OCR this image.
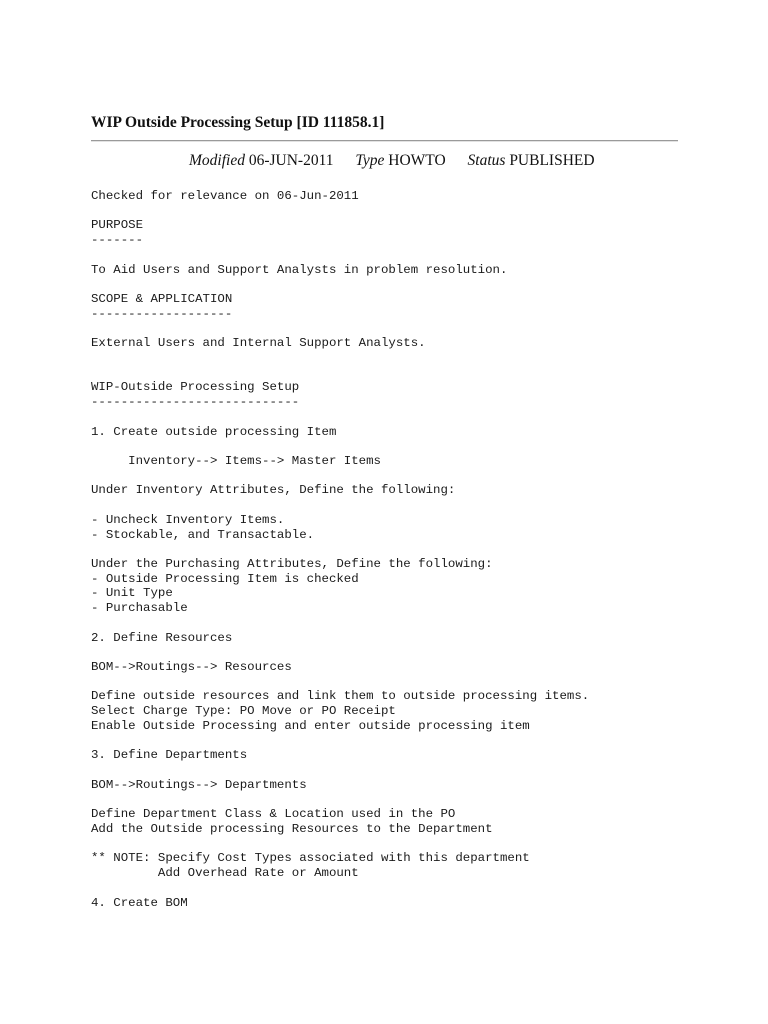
WIP Outside Processing Setup [ID 111858.1]
Modified 06-JUN-2011 Type HOWTO Status PUBLISHED
Checked for relevance on 06-Jun-2011
PURPOSE
-------
To Aid Users and Support Analysts in problem resolution.
SCOPE & APPLICATION
-------------------
External Users and Internal Support Analysts.
WIP-Outside Processing Setup
----------------------------
1. Create outside processing Item
Inventory--> Items--> Master Items
Under Inventory Attributes, Define the following:
- Uncheck Inventory Items.
- Stockable, and Transactable.
Under the Purchasing Attributes, Define the following:
- Outside Processing Item is checked
- Unit Type
- Purchasable
2. Define Resources
BOM-->Routings--> Resources
Define outside resources and link them to outside processing items.
Select Charge Type: PO Move or PO Receipt
Enable Outside Processing and enter outside processing item
3. Define Departments
BOM-->Routings--> Departments
Define Department Class & Location used in the PO
Add the Outside processing Resources to the Department
** NOTE: Specify Cost Types associated with this department
Add Overhead Rate or Amount
4. Create BOM
